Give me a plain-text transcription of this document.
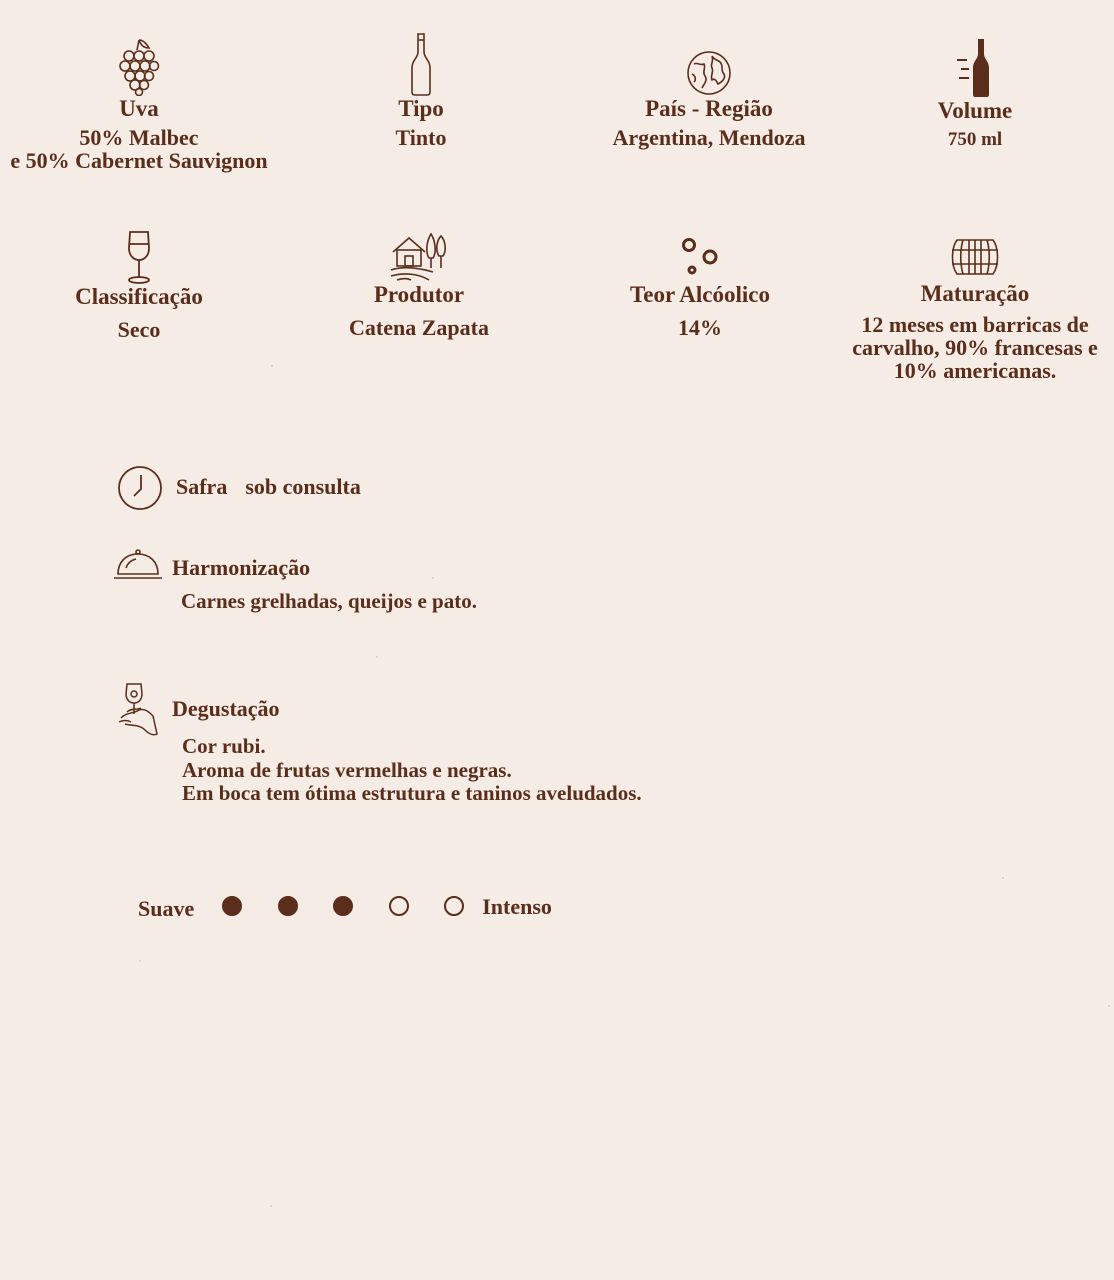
Uva
50% Malbec
e 50% Cabernet Sauvignon
Tipo
Tinto
País - Região
Argentina, Mendoza
Volume
750 ml
Classificação
Seco
Produtor
Catena Zapata
Teor Alcóolico
14%
Maturação
12 meses em barricas de carvalho, 90% francesas e 10% americanas.
Safra sob consulta
Harmonização
Carnes grelhadas, queijos e pato.
Degustação
Cor rubi.
Aroma de frutas vermelhas e negras.
Em boca tem ótima estrutura e taninos aveludados.
Suave	Intenso
